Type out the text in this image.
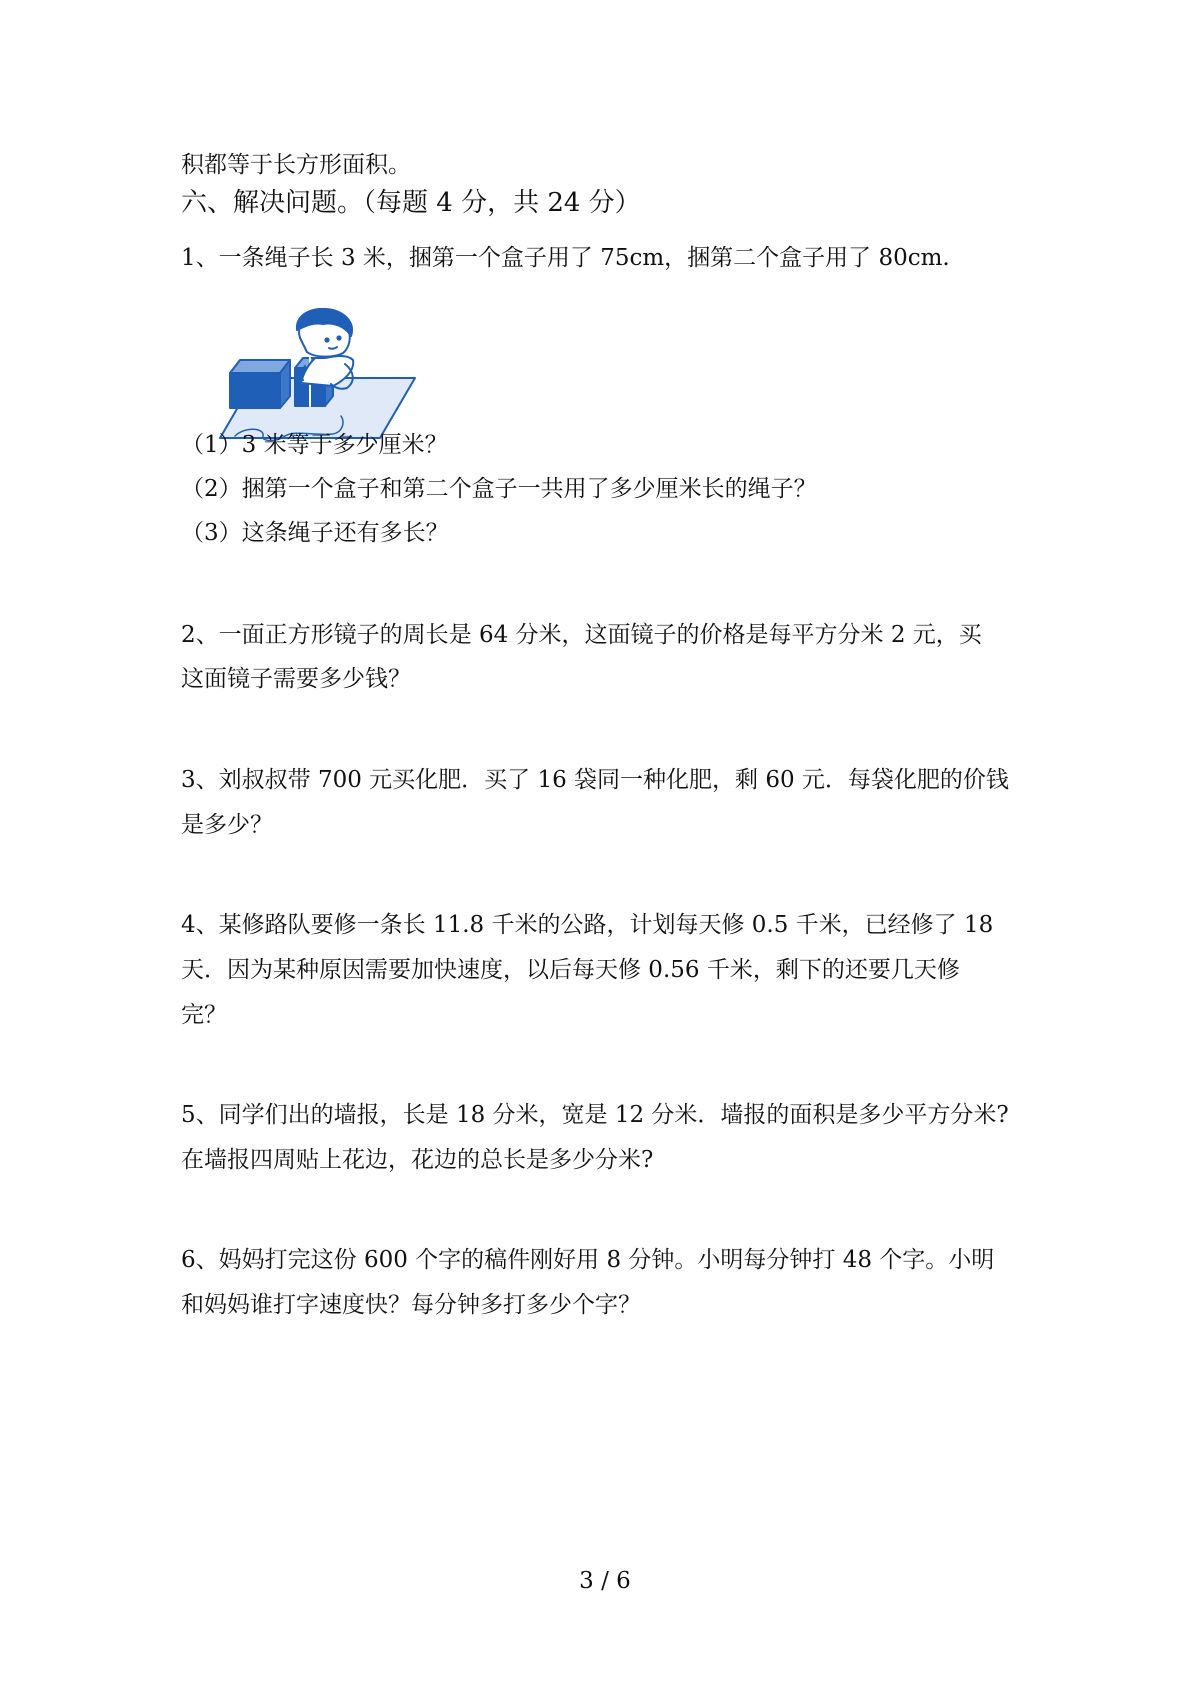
积都等于长方形面积。
六、解决问题。（每题 4 分，共 24 分）
1、一条绳子长 3 米，捆第一个盒子用了 75cm，捆第二个盒子用了 80cm.
（1）3 米等于多少厘米？
（2）捆第一个盒子和第二个盒子一共用了多少厘米长的绳子？
（3）这条绳子还有多长？
2、一面正方形镜子的周长是 64 分米，这面镜子的价格是每平方分米 2 元，买
这面镜子需要多少钱？
3、刘叔叔带 700 元买化肥．买了 16 袋同一种化肥，剩 60 元．每袋化肥的价钱
是多少？
4、某修路队要修一条长 11.8 千米的公路，计划每天修 0.5 千米，已经修了 18
天．因为某种原因需要加快速度，以后每天修 0.56 千米，剩下的还要几天修
完？
5、同学们出的墙报，长是 18 分米，宽是 12 分米．墙报的面积是多少平方分米?
在墙报四周贴上花边，花边的总长是多少分米?
6、妈妈打完这份 600 个字的稿件刚好用 8 分钟。小明每分钟打 48 个字。小明
和妈妈谁打字速度快？每分钟多打多少个字？
3 / 6
